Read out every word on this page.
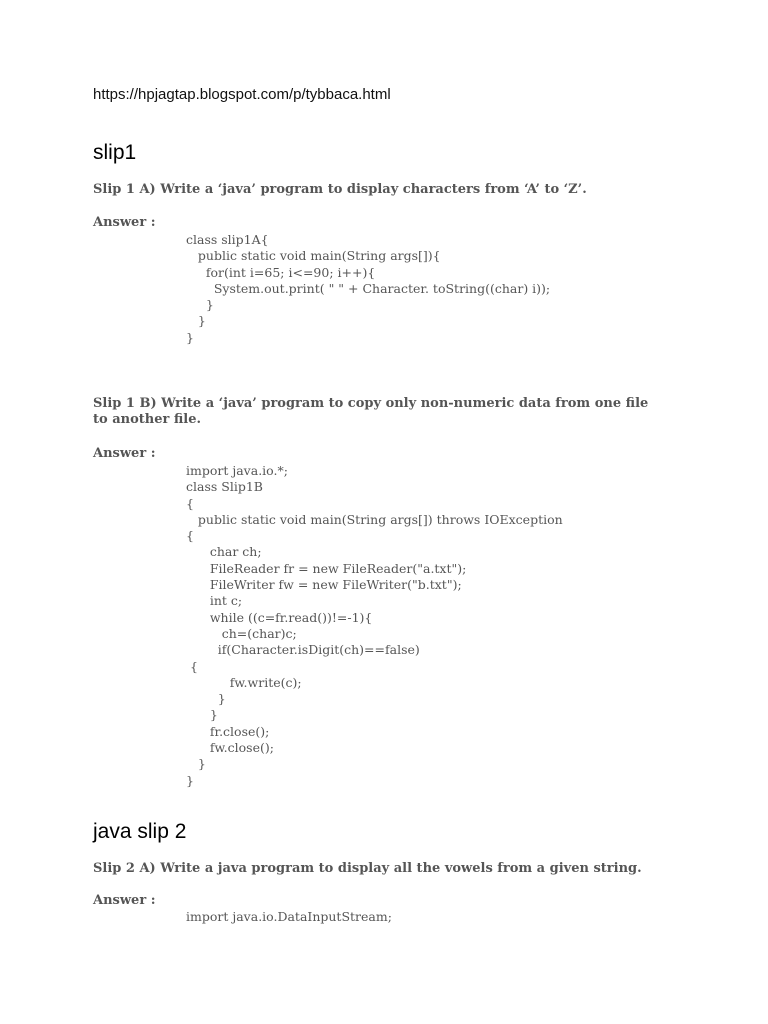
https://hpjagtap.blogspot.com/p/tybbaca.html
slip1
Slip 1 A) Write a ‘java’ program to display characters from ‘A’ to ‘Z’.
Answer :
class slip1A{
public static void main(String args[]){
for(int i=65; i<=90; i++){
System.out.print( " " + Character. toString((char) i));
}
}
}
Slip 1 B) Write a ‘java’ program to copy only non-numeric data from one file to another file.
Answer :
import java.io.*;
class Slip1B
{
public static void main(String args[]) throws IOException
{
char ch;
FileReader fr = new FileReader("a.txt");
FileWriter fw = new FileWriter("b.txt");
int c;
while ((c=fr.read())!=-1){
ch=(char)c;
if(Character.isDigit(ch)==false)
{
fw.write(c);
}
}
fr.close();
fw.close();
}
}
java slip 2
Slip 2 A) Write a java program to display all the vowels from a given string.
Answer :
import java.io.DataInputStream;
